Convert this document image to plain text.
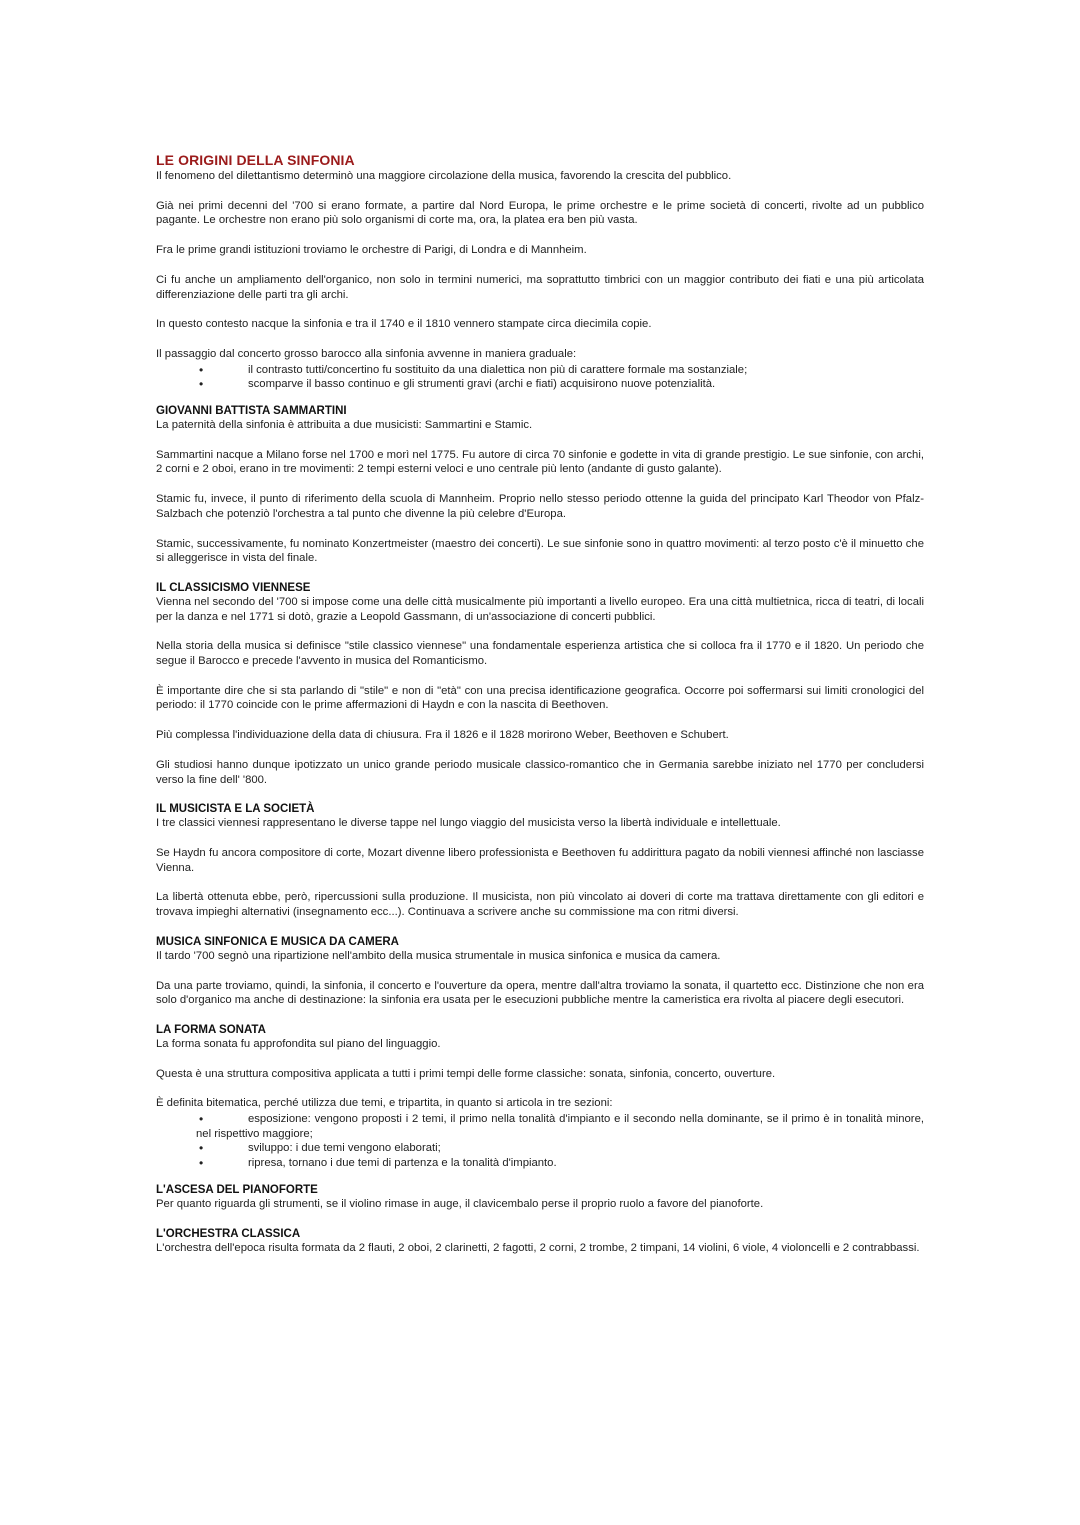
LE ORIGINI DELLA SINFONIA

Il fenomeno del dilettantismo determinò una maggiore circolazione della musica, favorendo la crescita del pubblico.

Già nei primi decenni del '700 si erano formate, a partire dal Nord Europa, le prime orchestre e le prime società di concerti, rivolte ad un pubblico pagante. Le orchestre non erano più solo organismi di corte ma, ora, la platea era ben più vasta.

Fra le prime grandi istituzioni troviamo le orchestre di Parigi, di Londra e di Mannheim.

Ci fu anche un ampliamento dell'organico, non solo in termini numerici, ma soprattutto timbrici con un maggior contributo dei fiati e una più articolata differenziazione delle parti tra gli archi.

In questo contesto nacque la sinfonia e tra il 1740 e il 1810 vennero stampate circa diecimila copie.

Il passaggio dal concerto grosso barocco alla sinfonia avvenne in maniera graduale:

• il contrasto tutti/concertino fu sostituito da una dialettica non più di carattere formale ma sostanziale;
• scomparve il basso continuo e gli strumenti gravi (archi e fiati) acquisirono nuove potenzialità.
GIOVANNI BATTISTA SAMMARTINI

La paternità della sinfonia è attribuita a due musicisti: Sammartini e Stamic.

Sammartini nacque a Milano forse nel 1700 e morì nel 1775. Fu autore di circa 70 sinfonie e godette in vita di grande prestigio. Le sue sinfonie, con archi, 2 corni e 2 oboi, erano in tre movimenti: 2 tempi esterni veloci e uno centrale più lento (andante di gusto galante).

Stamic fu, invece, il punto di riferimento della scuola di Mannheim. Proprio nello stesso periodo ottenne la guida del principato Karl Theodor von Pfalz-Salzbach che potenziò l'orchestra a tal punto che divenne la più celebre d'Europa.

Stamic, successivamente, fu nominato Konzertmeister (maestro dei concerti). Le sue sinfonie sono in quattro movimenti: al terzo posto c'è il minuetto che si alleggerisce in vista del finale.

IL CLASSICISMO VIENNESE

Vienna nel secondo del '700 si impose come una delle città musicalmente più importanti a livello europeo. Era una città multietnica, ricca di teatri, di locali per la danza e nel 1771 si dotò, grazie a Leopold Gassmann, di un'associazione di concerti pubblici.

Nella storia della musica si definisce "stile classico viennese" una fondamentale esperienza artistica che si colloca fra il 1770 e il 1820. Un periodo che segue il Barocco e precede l'avvento in musica del Romanticismo.

È importante dire che si sta parlando di "stile" e non di "età" con una precisa identificazione geografica. Occorre poi soffermarsi sui limiti cronologici del periodo: il 1770 coincide con le prime affermazioni di Haydn e con la nascita di Beethoven.

Più complessa l'individuazione della data di chiusura. Fra il 1826 e il 1828 morirono Weber, Beethoven e Schubert.

Gli studiosi hanno dunque ipotizzato un unico grande periodo musicale classico-romantico che in Germania sarebbe iniziato nel 1770 per concludersi verso la fine dell' '800.

IL MUSICISTA E LA SOCIETÀ

I tre classici viennesi rappresentano le diverse tappe nel lungo viaggio del musicista verso la libertà individuale e intellettuale.

Se Haydn fu ancora compositore di corte, Mozart divenne libero professionista e Beethoven fu addirittura pagato da nobili viennesi affinché non lasciasse Vienna.

La libertà ottenuta ebbe, però, ripercussioni sulla produzione. Il musicista, non più vincolato ai doveri di corte ma trattava direttamente con gli editori e trovava impieghi alternativi (insegnamento ecc...). Continuava a scrivere anche su commissione ma con ritmi diversi.

MUSICA SINFONICA E MUSICA DA CAMERA

Il tardo '700 segnò una ripartizione nell'ambito della musica strumentale in musica sinfonica e musica da camera.

Da una parte troviamo, quindi, la sinfonia, il concerto e l'ouverture da opera, mentre dall'altra troviamo la sonata, il quartetto ecc. Distinzione che non era solo d'organico ma anche di destinazione: la sinfonia era usata per le esecuzioni pubbliche mentre la cameristica era rivolta al piacere degli esecutori.

LA FORMA SONATA

La forma sonata fu approfondita sul piano del linguaggio.

Questa è una struttura compositiva applicata a tutti i primi tempi delle forme classiche: sonata, sinfonia, concerto, ouverture.

È definita bitematica, perché utilizza due temi, e tripartita, in quanto si articola in tre sezioni:

• esposizione: vengono proposti i 2 temi, il primo nella tonalità d'impianto e il secondo nella dominante, se il primo è in tonalità minore, nel rispettivo maggiore;
• sviluppo: i due temi vengono elaborati;
• ripresa, tornano i due temi di partenza e la tonalità d'impianto.
L'ASCESA DEL PIANOFORTE

Per quanto riguarda gli strumenti, se il violino rimase in auge, il clavicembalo perse il proprio ruolo a favore del pianoforte.

L'ORCHESTRA CLASSICA

L'orchestra dell'epoca risulta formata da 2 flauti, 2 oboi, 2 clarinetti, 2 fagotti, 2 corni, 2 trombe, 2 timpani, 14 violini, 6 viole, 4 violoncelli e 2 contrabbassi.
